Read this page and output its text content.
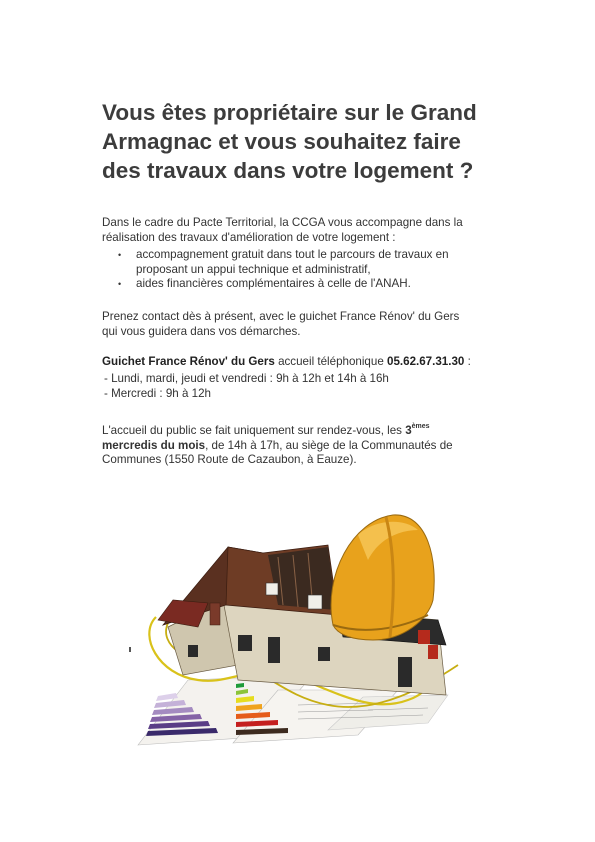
Vous êtes propriétaire sur le Grand
Armagnac et vous souhaitez faire
des travaux dans votre logement ?
Dans le cadre du Pacte Territorial, la CCGA vous accompagne dans la
réalisation des travaux d'amélioration de votre logement :
• accompagnement gratuit dans tout le parcours de travaux en
proposant un appui technique et administratif,
• aides financières complémentaires à celle de l'ANAH.
Prenez contact dès à présent, avec le guichet France Rénov' du Gers
qui vous guidera dans vos démarches.
Guichet France Rénov' du Gers accueil téléphonique 05.62.67.31.30 :
- Lundi, mardi, jeudi et vendredi : 9h à 12h et 14h à 16h
- Mercredi : 9h à 12h
L'accueil du public se fait uniquement sur rendez-vous, les 3èmes
mercredis du mois, de 14h à 17h, au siège de la Communautés de
Communes (1550 Route de Cazaubon, à Eauze).
